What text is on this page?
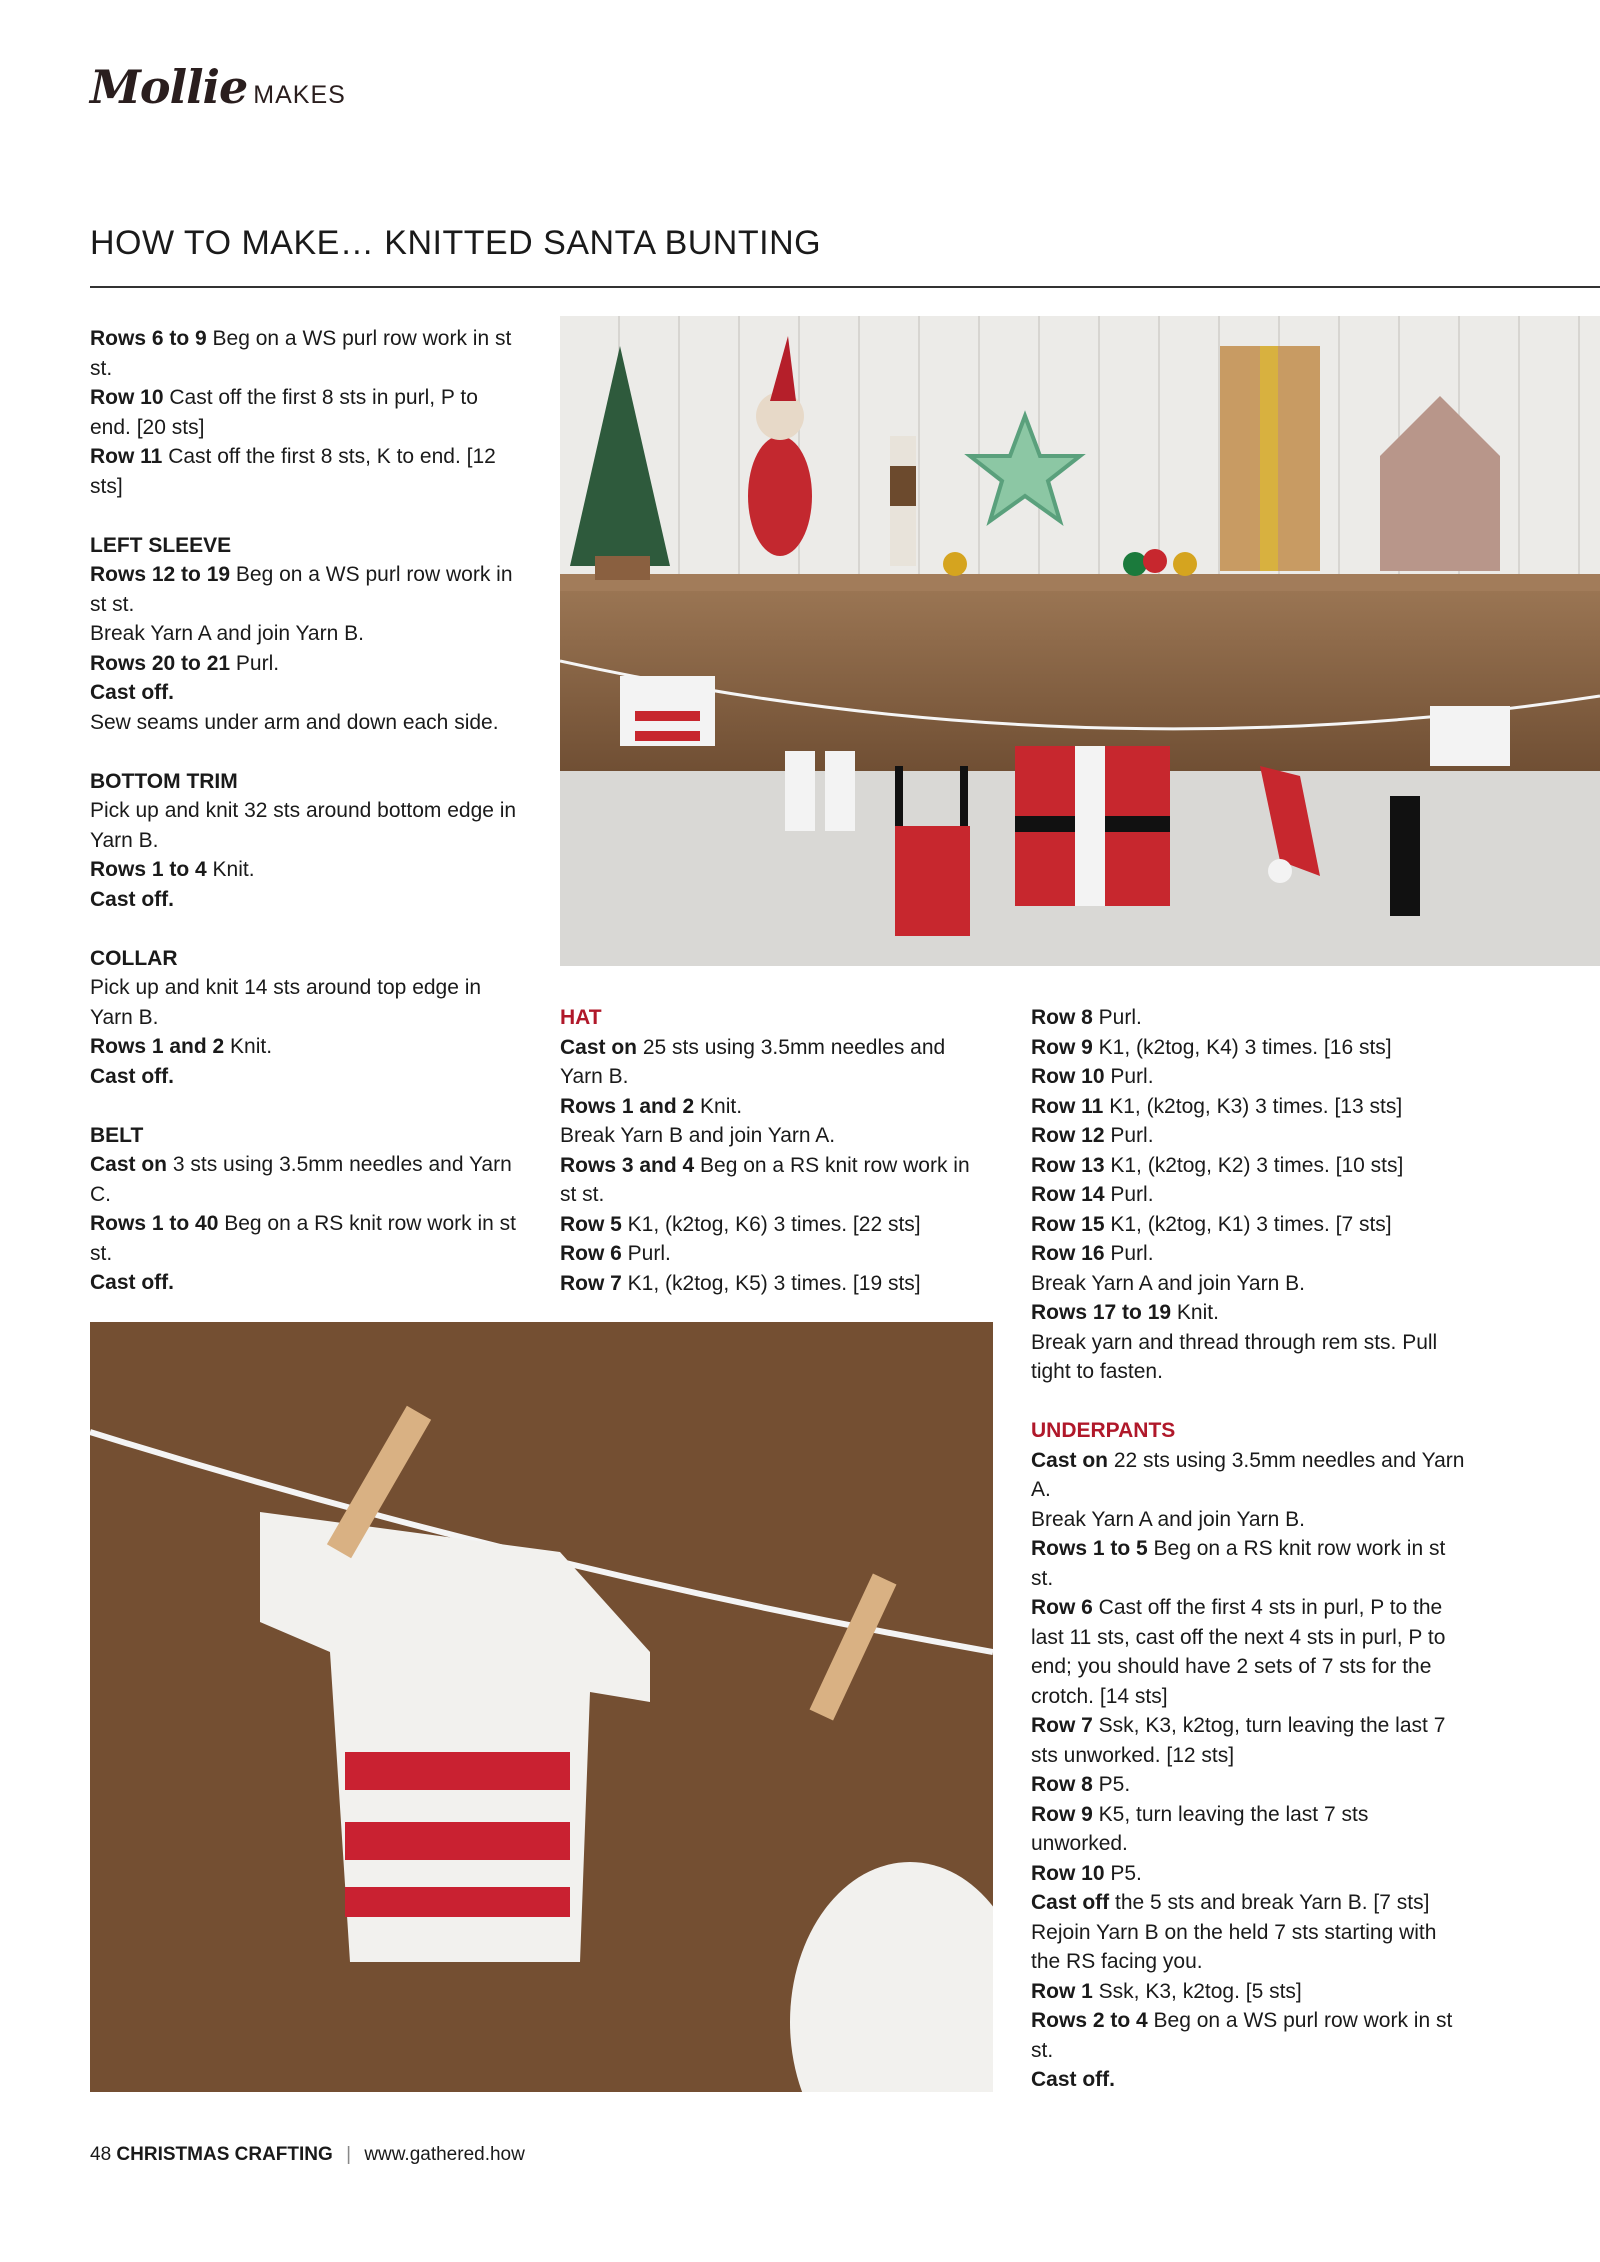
Mollie MAKES
HOW TO MAKE… KNITTED SANTA BUNTING

Rows 6 to 9 Beg on a WS purl row work in st st.

Row 10 Cast off the first 8 sts in purl, P to end. [20 sts]

Row 11 Cast off the first 8 sts, K to end. [12 sts]

LEFT SLEEVE

Rows 12 to 19 Beg on a WS purl row work in st st.

Break Yarn A and join Yarn B.

Rows 20 to 21 Purl.

Cast off.

Sew seams under arm and down each side.

BOTTOM TRIM

Pick up and knit 32 sts around bottom edge in Yarn B.

Rows 1 to 4 Knit.

Cast off.

COLLAR

Pick up and knit 14 sts around top edge in Yarn B.

Rows 1 and 2 Knit.

Cast off.

BELT

Cast on 3 sts using 3.5mm needles and Yarn C.

Rows 1 to 40 Beg on a RS knit row work in st st.

Cast off.

HAT

Cast on 25 sts using 3.5mm needles and Yarn B.

Rows 1 and 2 Knit.

Break Yarn B and join Yarn A.

Rows 3 and 4 Beg on a RS knit row work in st st.

Row 5 K1, (k2tog, K6) 3 times. [22 sts]

Row 6 Purl.

Row 7 K1, (k2tog, K5) 3 times. [19 sts]

Row 8 Purl.

Row 9 K1, (k2tog, K4) 3 times. [16 sts]

Row 10 Purl.

Row 11 K1, (k2tog, K3) 3 times. [13 sts]

Row 12 Purl.

Row 13 K1, (k2tog, K2) 3 times. [10 sts]

Row 14 Purl.

Row 15 K1, (k2tog, K1) 3 times. [7 sts]

Row 16 Purl.

Break Yarn A and join Yarn B.

Rows 17 to 19 Knit.

Break yarn and thread through rem sts. Pull tight to fasten.

UNDERPANTS

Cast on 22 sts using 3.5mm needles and Yarn A.

Break Yarn A and join Yarn B.

Rows 1 to 5 Beg on a RS knit row work in st st.

Row 6 Cast off the first 4 sts in purl, P to the last 11 sts, cast off the next 4 sts in purl, P to end; you should have 2 sets of 7 sts for the crotch. [14 sts]

Row 7 Ssk, K3, k2tog, turn leaving the last 7 sts unworked. [12 sts]

Row 8 P5.

Row 9 K5, turn leaving the last 7 sts unworked.

Row 10 P5.

Cast off the 5 sts and break Yarn B. [7 sts]

Rejoin Yarn B on the held 7 sts starting with the RS facing you.

Row 1 Ssk, K3, k2tog. [5 sts]

Rows 2 to 4 Beg on a WS purl row work in st st.

Cast off.

48 CHRISTMAS CRAFTING | www.gathered.how
